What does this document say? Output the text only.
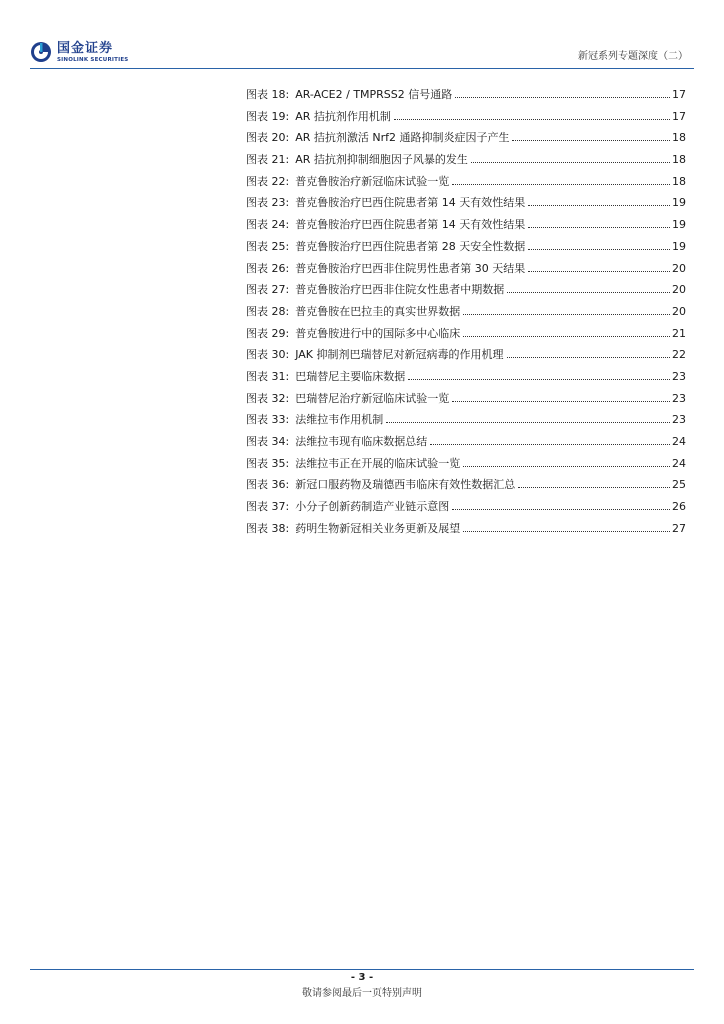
国金证券
SINOLINK SECURITIES	新冠系列专题深度（二）
图表 18: AR-ACE2 / TMPRSS2 信号通路	17
图表 19: AR 拮抗剂作用机制	17
图表 20: AR 拮抗剂激活 Nrf2 通路抑制炎症因子产生	18
图表 21: AR 拮抗剂抑制细胞因子风暴的发生	18
图表 22: 普克鲁胺治疗新冠临床试验一览	18
图表 23: 普克鲁胺治疗巴西住院患者第 14 天有效性结果	19
图表 24: 普克鲁胺治疗巴西住院患者第 14 天有效性结果	19
图表 25: 普克鲁胺治疗巴西住院患者第 28 天安全性数据	19
图表 26: 普克鲁胺治疗巴西非住院男性患者第 30 天结果	20
图表 27: 普克鲁胺治疗巴西非住院女性患者中期数据	20
图表 28: 普克鲁胺在巴拉圭的真实世界数据	20
图表 29: 普克鲁胺进行中的国际多中心临床	21
图表 30: JAK 抑制剂巴瑞替尼对新冠病毒的作用机理	22
图表 31: 巴瑞替尼主要临床数据	23
图表 32: 巴瑞替尼治疗新冠临床试验一览	23
图表 33: 法维拉韦作用机制	23
图表 34: 法维拉韦现有临床数据总结	24
图表 35: 法维拉韦正在开展的临床试验一览	24
图表 36: 新冠口服药物及瑞德西韦临床有效性数据汇总	25
图表 37: 小分子创新药制造产业链示意图	26
图表 38: 药明生物新冠相关业务更新及展望	27
- 3 -
敬请参阅最后一页特别声明
